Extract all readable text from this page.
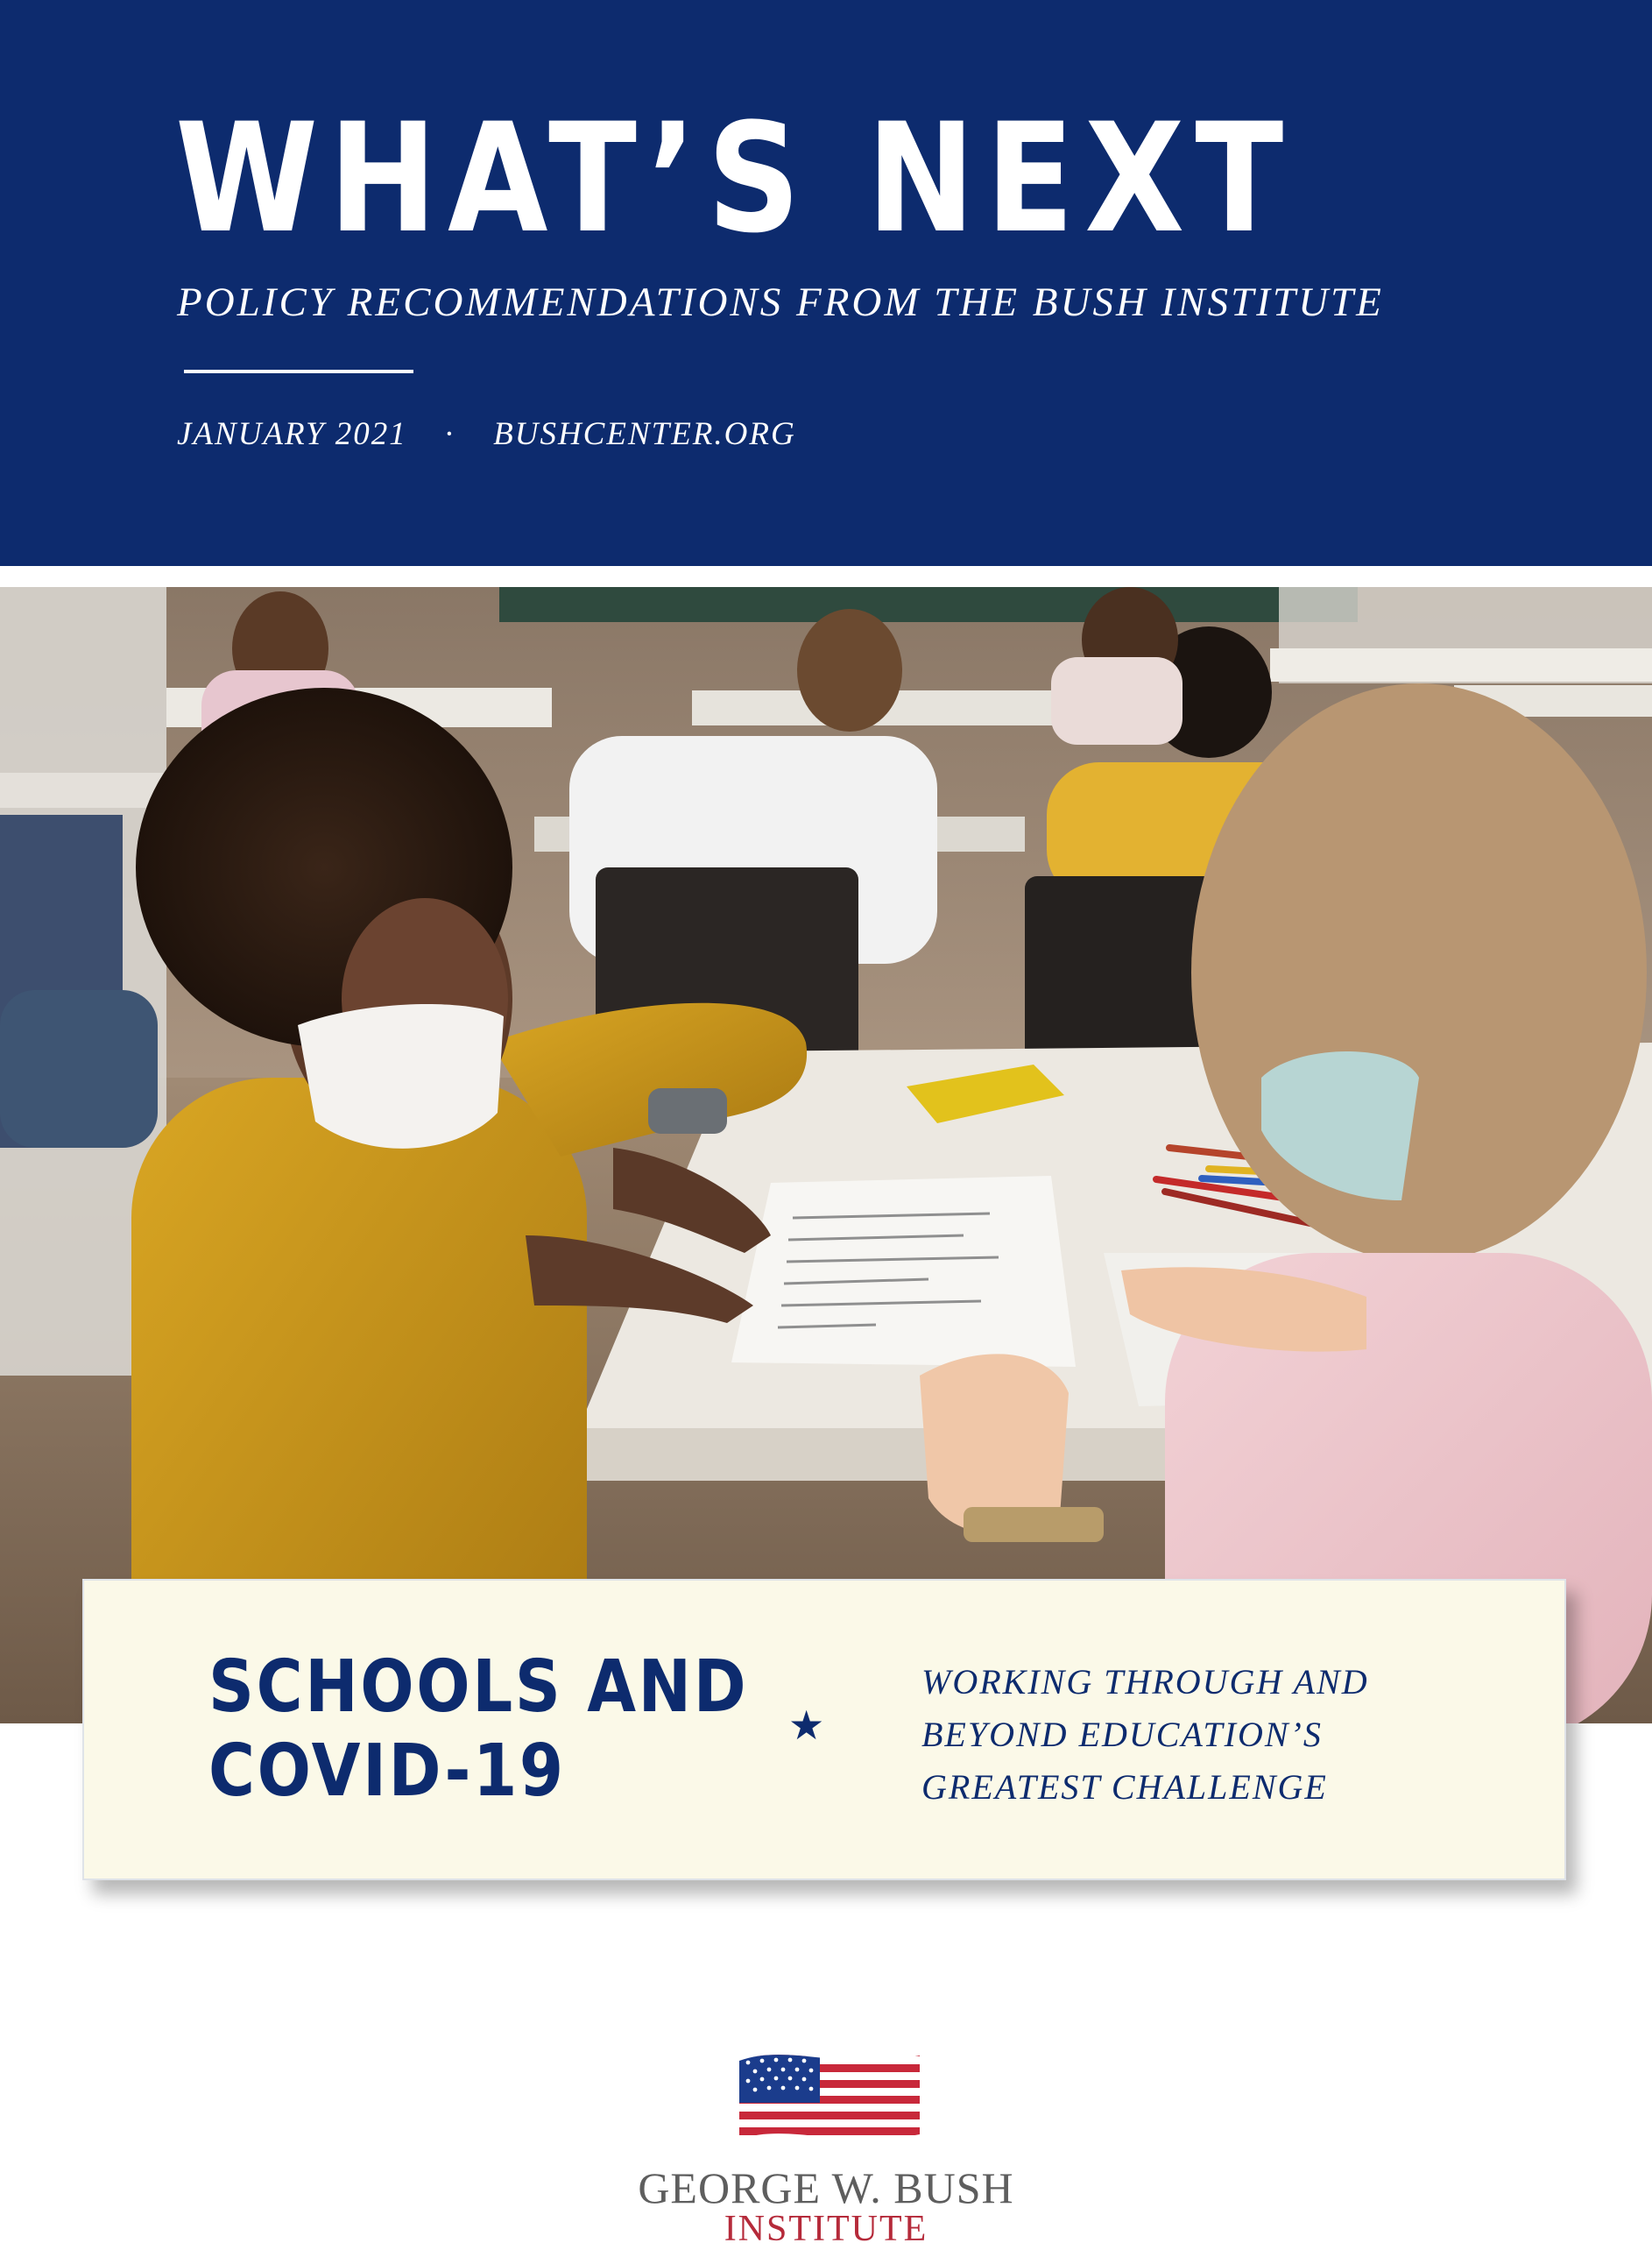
WHAT’S NEXT
POLICY RECOMMENDATIONS FROM THE BUSH INSTITUTE
JANUARY 2021 · BUSHCENTER.ORG
SCHOOLS AND
COVID-19
★
WORKING THROUGH AND
BEYOND EDUCATION’S
GREATEST CHALLENGE
GEORGE W. BUSH
INSTITUTE
